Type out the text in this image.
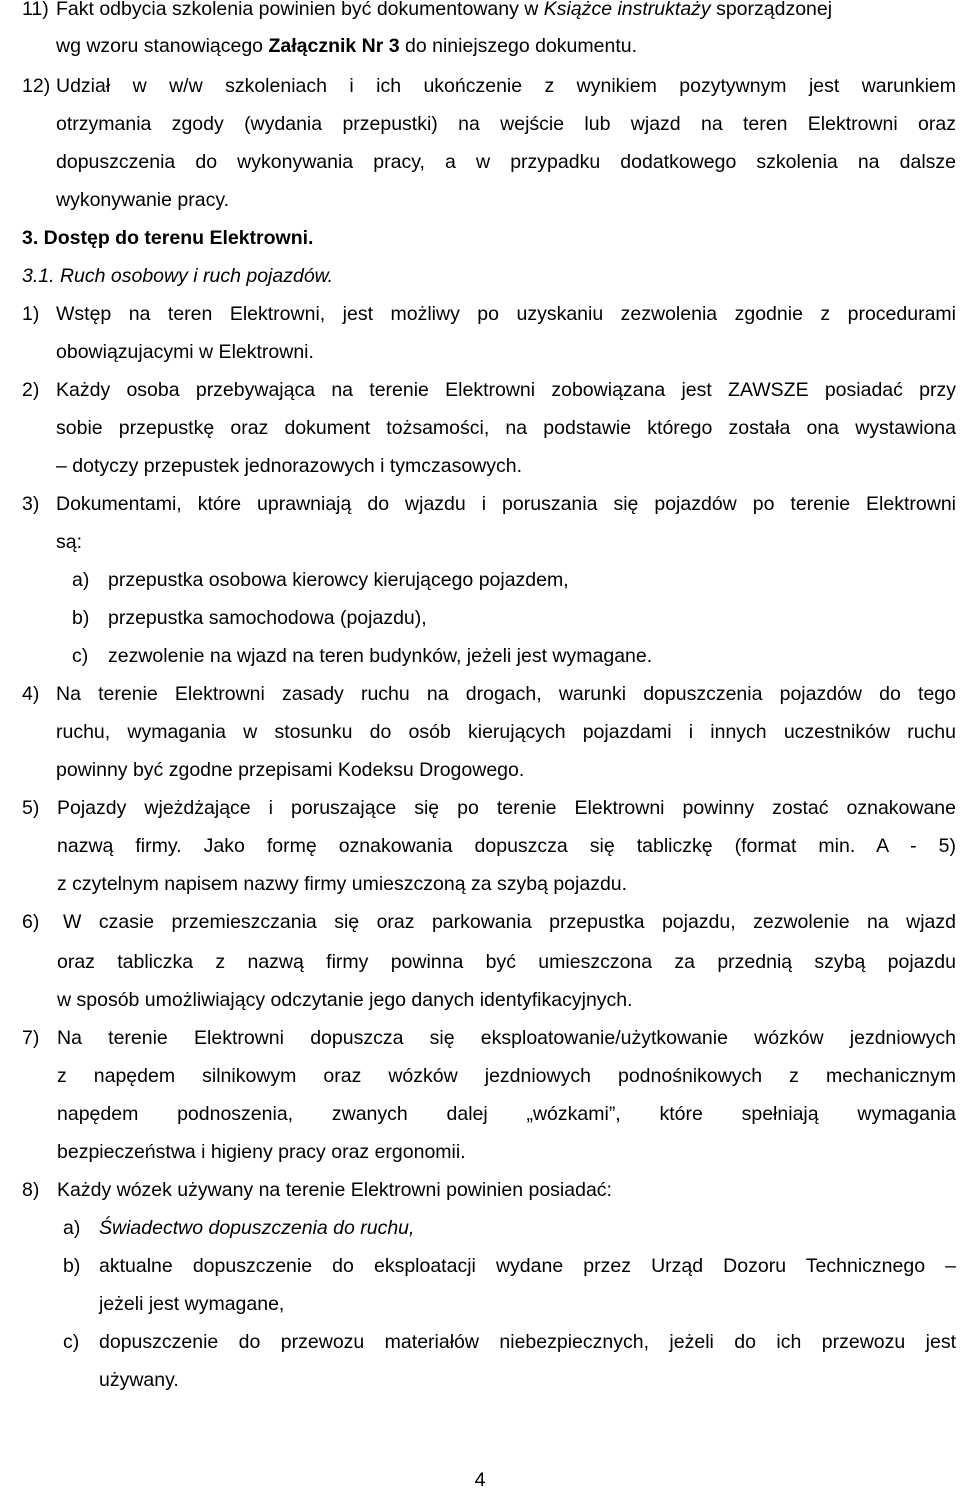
11) Fakt odbycia szkolenia powinien być dokumentowany w Książce instruktaży sporządzonej
wg wzoru stanowiącego Załącznik Nr 3 do niniejszego dokumentu.
12) Udział w w/w szkoleniach i ich ukończenie z wynikiem pozytywnym jest warunkiem
otrzymania zgody (wydania przepustki) na wejście lub wjazd na teren Elektrowni oraz
dopuszczenia do wykonywania pracy, a w przypadku dodatkowego szkolenia na dalsze
wykonywanie pracy.
3. Dostęp do terenu Elektrowni.
3.1. Ruch osobowy i ruch pojazdów.
1) Wstęp na teren Elektrowni, jest możliwy po uzyskaniu zezwolenia zgodnie z procedurami
obowiązujacymi w Elektrowni.
2) Każdy osoba przebywająca na terenie Elektrowni zobowiązana jest ZAWSZE posiadać przy
sobie przepustkę oraz dokument tożsamości, na podstawie którego została ona wystawiona
– dotyczy przepustek jednorazowych i tymczasowych.
3) Dokumentami, które uprawniają do wjazdu i poruszania się pojazdów po terenie Elektrowni
są:
a) przepustka osobowa kierowcy kierującego pojazdem,
b) przepustka samochodowa (pojazdu),
c) zezwolenie na wjazd na teren budynków, jeżeli jest wymagane.
4) Na terenie Elektrowni zasady ruchu na drogach, warunki dopuszczenia pojazdów do tego
ruchu, wymagania w stosunku do osób kierujących pojazdami i innych uczestników ruchu
powinny być zgodne przepisami Kodeksu Drogowego.
5) Pojazdy wjeżdżające i poruszające się po terenie Elektrowni powinny zostać oznakowane
nazwą firmy. Jako formę oznakowania dopuszcza się tabliczkę (format min. A - 5)
z czytelnym napisem nazwy firmy umieszczoną za szybą pojazdu.
6) W czasie przemieszczania się oraz parkowania przepustka pojazdu, zezwolenie na wjazd
oraz tabliczka z nazwą firmy powinna być umieszczona za przednią szybą pojazdu
w sposób umożliwiający odczytanie jego danych identyfikacyjnych.
7) Na terenie Elektrowni dopuszcza się eksploatowanie/użytkowanie wózków jezdniowych
z napędem silnikowym oraz wózków jezdniowych podnośnikowych z mechanicznym
napędem podnoszenia, zwanych dalej „wózkami”, które spełniają wymagania
bezpieczeństwa i higieny pracy oraz ergonomii.
8) Każdy wózek używany na terenie Elektrowni powinien posiadać:
a) Świadectwo dopuszczenia do ruchu,
b) aktualne dopuszczenie do eksploatacji wydane przez Urząd Dozoru Technicznego –
jeżeli jest wymagane,
c) dopuszczenie do przewozu materiałów niebezpiecznych, jeżeli do ich przewozu jest
używany.
4
